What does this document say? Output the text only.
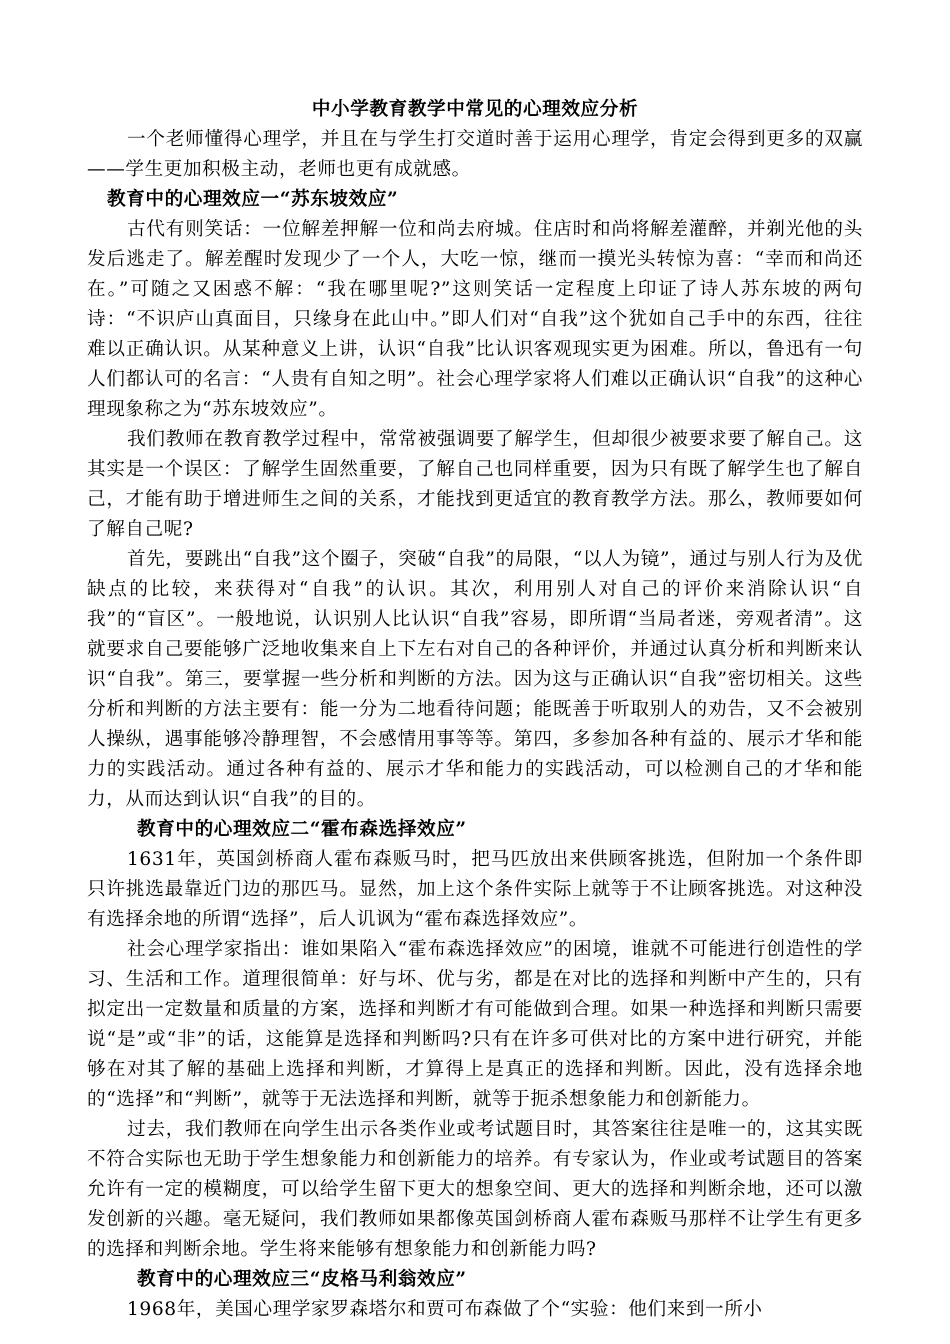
中小学教育教学中常见的心理效应分析

一个老师懂得心理学，并且在与学生打交道时善于运用心理学，肯定会得到更多的双赢——学生更加积极主动，老师也更有成就感。

教育中的心理效应一“苏东坡效应”

古代有则笑话：一位解差押解一位和尚去府城。住店时和尚将解差灌醉，并剃光他的头发后逃走了。解差醒时发现少了一个人，大吃一惊，继而一摸光头转惊为喜：“幸而和尚还在。”可随之又困惑不解：“我在哪里呢?”这则笑话一定程度上印证了诗人苏东坡的两句诗：“不识庐山真面目，只缘身在此山中。”即人们对“自我”这个犹如自己手中的东西，往往难以正确认识。从某种意义上讲，认识“自我”比认识客观现实更为困难。所以，鲁迅有一句人们都认可的名言：“人贵有自知之明”。社会心理学家将人们难以正确认识“自我”的这种心理现象称之为“苏东坡效应”。

我们教师在教育教学过程中，常常被强调要了解学生，但却很少被要求要了解自己。这其实是一个误区：了解学生固然重要，了解自己也同样重要，因为只有既了解学生也了解自己，才能有助于增进师生之间的关系，才能找到更适宜的教育教学方法。那么，教师要如何了解自己呢?

首先，要跳出“自我”这个圈子，突破“自我”的局限，“以人为镜”，通过与别人行为及优缺点的比较，来获得对“自我”的认识。其次，利用别人对自己的评价来消除认识“自我”的“盲区”。一般地说，认识别人比认识“自我”容易，即所谓“当局者迷，旁观者清”。这就要求自己要能够广泛地收集来自上下左右对自己的各种评价，并通过认真分析和判断来认识“自我”。第三，要掌握一些分析和判断的方法。因为这与正确认识“自我”密切相关。这些分析和判断的方法主要有：能一分为二地看待问题；能既善于听取别人的劝告，又不会被别人操纵，遇事能够冷静理智，不会感情用事等等。第四，多参加各种有益的、展示才华和能力的实践活动。通过各种有益的、展示才华和能力的实践活动，可以检测自己的才华和能力，从而达到认识“自我”的目的。

教育中的心理效应二“霍布森选择效应”

1631年，英国剑桥商人霍布森贩马时，把马匹放出来供顾客挑选，但附加一个条件即只许挑选最靠近门边的那匹马。显然，加上这个条件实际上就等于不让顾客挑选。对这种没有选择余地的所谓“选择”，后人讥讽为“霍布森选择效应”。

社会心理学家指出：谁如果陷入“霍布森选择效应”的困境，谁就不可能进行创造性的学习、生活和工作。道理很简单：好与坏、优与劣，都是在对比的选择和判断中产生的，只有拟定出一定数量和质量的方案，选择和判断才有可能做到合理。如果一种选择和判断只需要说“是”或“非”的话，这能算是选择和判断吗?只有在许多可供对比的方案中进行研究，并能够在对其了解的基础上选择和判断，才算得上是真正的选择和判断。因此，没有选择余地的“选择”和“判断”，就等于无法选择和判断，就等于扼杀想象能力和创新能力。

过去，我们教师在向学生出示各类作业或考试题目时，其答案往往是唯一的，这其实既不符合实际也无助于学生想象能力和创新能力的培养。有专家认为，作业或考试题目的答案允许有一定的模糊度，可以给学生留下更大的想象空间、更大的选择和判断余地，还可以激发创新的兴趣。毫无疑问，我们教师如果都像英国剑桥商人霍布森贩马那样不让学生有更多的选择和判断余地。学生将来能够有想象能力和创新能力吗?

教育中的心理效应三“皮格马利翁效应”

1968年，美国心理学家罗森塔尔和贾可布森做了个“实验：他们来到一所小
